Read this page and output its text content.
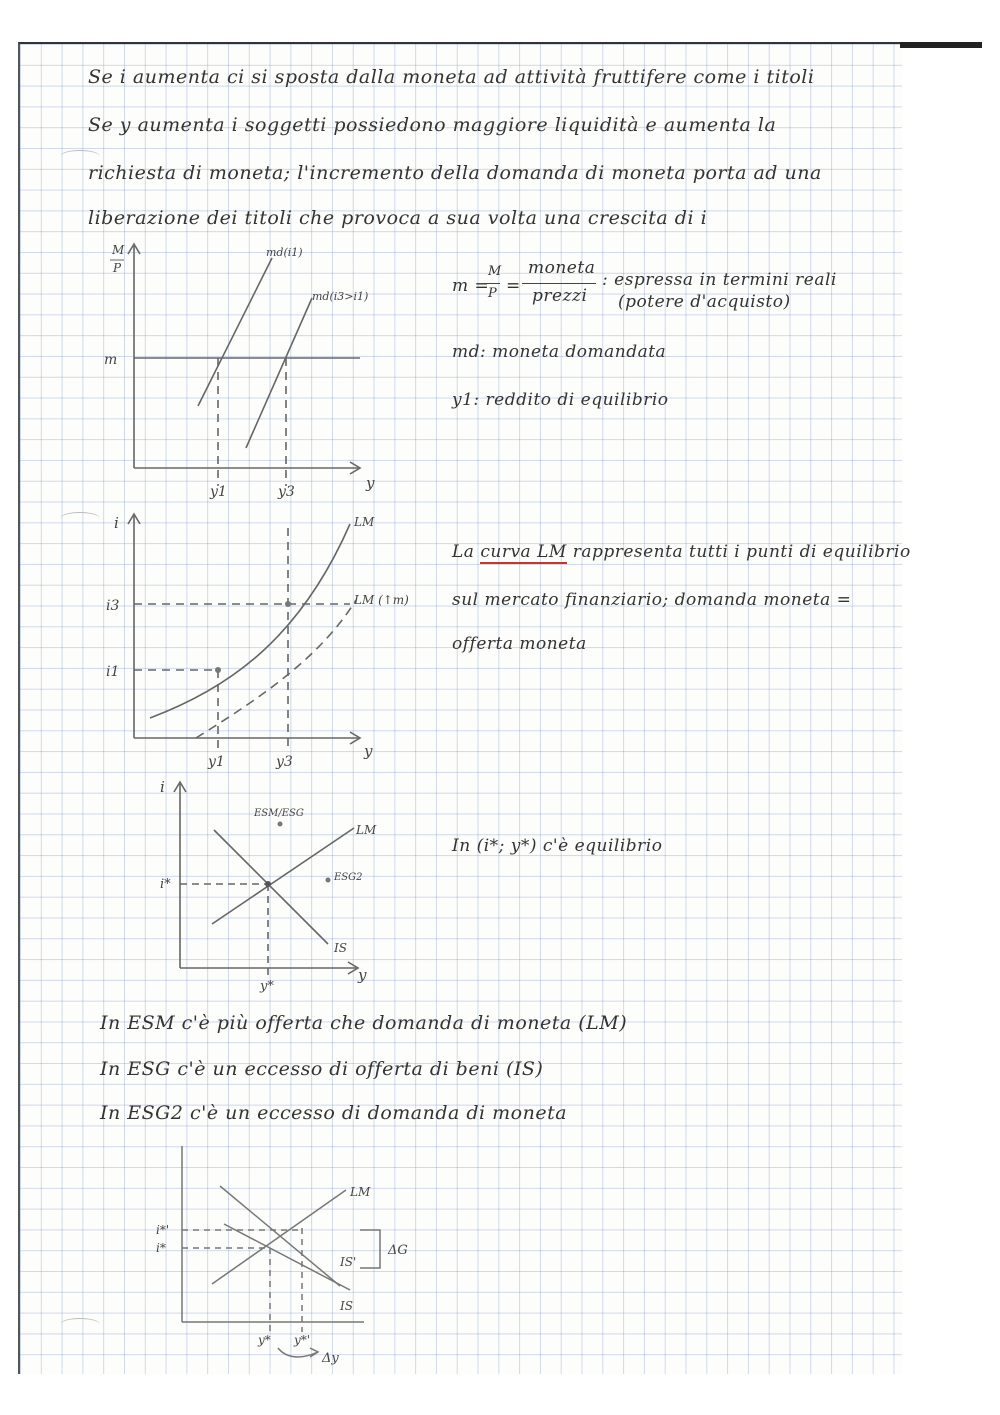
Se i aumenta ci si sposta dalla moneta ad attività fruttifere come i titoli
Se y aumenta i soggetti possiedono maggiore liquidità e aumenta la
richiesta di moneta; l'incremento della domanda di moneta porta ad una
liberazione dei titoli che provoca a sua volta una crescita di i
M
P
m
md(i1)
md(i3>i1)
y
y1	y3
m =
M
P =
moneta
prezzi
: espressa in termini reali
(potere d'acquisto)
md: moneta domandata
y1: reddito di equilibrio
i
y
LM
LM (↑m)
i3
i1
y1	y3
La curva LM rappresenta tutti i punti di equilibrio
sul mercato finanziario; domanda moneta =
offerta moneta
i
y
ESM/ESG
ESG2
LM
IS
i*
y*
In (i*; y*) c'è equilibrio
In ESM c'è più offerta che domanda di moneta (LM)
In ESG c'è un eccesso di offerta di beni (IS)
In ESG2 c'è un eccesso di domanda di moneta
LM
IS'
IS
ΔG
i*'
i*
y* y*'
Δy
